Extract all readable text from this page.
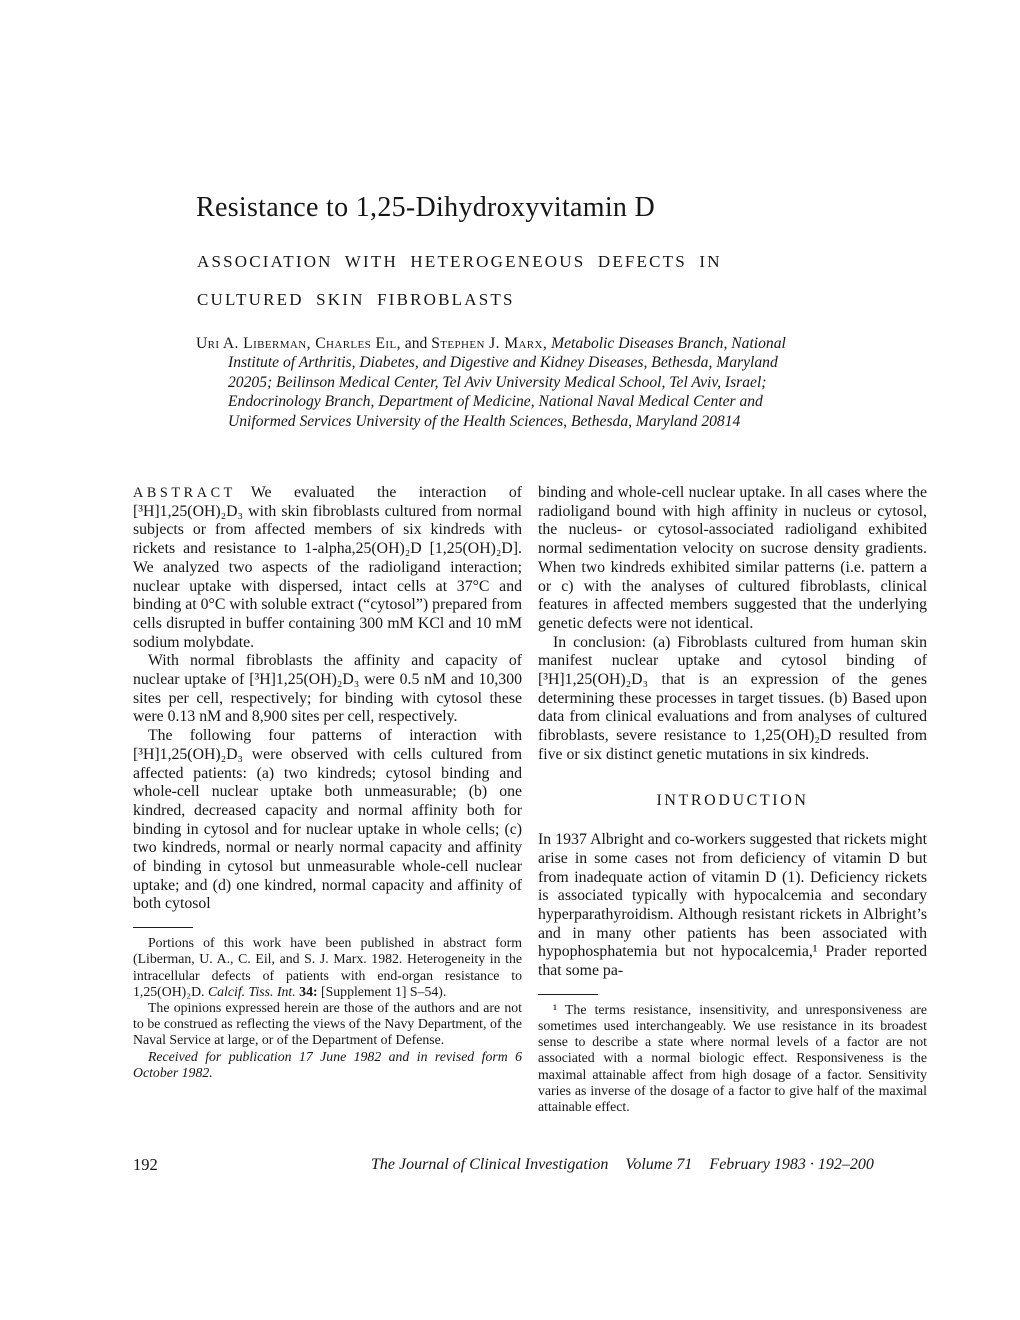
Resistance to 1,25-Dihydroxyvitamin D
ASSOCIATION WITH HETEROGENEOUS DEFECTS IN
CULTURED SKIN FIBROBLASTS

Uri A. Liberman, Charles Eil, and Stephen J. Marx, Metabolic Diseases Branch, National Institute of Arthritis, Diabetes, and Digestive and Kidney Diseases, Bethesda, Maryland 20205; Beilinson Medical Center, Tel Aviv University Medical School, Tel Aviv, Israel; Endocrinology Branch, Department of Medicine, National Naval Medical Center and Uniformed Services University of the Health Sciences, Bethesda, Maryland 20814

ABSTRACT We evaluated the interaction of [³H]1,25(OH)₂D₃ with skin fibroblasts cultured from normal subjects or from affected members of six kindreds with rickets and resistance to 1-alpha,25(OH)₂D [1,25(OH)₂D]. We analyzed two aspects of the radioligand interaction; nuclear uptake with dispersed, intact cells at 37°C and binding at 0°C with soluble extract (“cytosol”) prepared from cells disrupted in buffer containing 300 mM KCl and 10 mM sodium molybdate.

With normal fibroblasts the affinity and capacity of nuclear uptake of [³H]1,25(OH)₂D₃ were 0.5 nM and 10,300 sites per cell, respectively; for binding with cytosol these were 0.13 nM and 8,900 sites per cell, respectively.

The following four patterns of interaction with [³H]1,25(OH)₂D₃ were observed with cells cultured from affected patients: (a) two kindreds; cytosol binding and whole-cell nuclear uptake both unmeasurable; (b) one kindred, decreased capacity and normal affinity both for binding in cytosol and for nuclear uptake in whole cells; (c) two kindreds, normal or nearly normal capacity and affinity of binding in cytosol but unmeasurable whole-cell nuclear uptake; and (d) one kindred, normal capacity and affinity of both cytosol

Portions of this work have been published in abstract form (Liberman, U. A., C. Eil, and S. J. Marx. 1982. Heterogeneity in the intracellular defects of patients with end-organ resistance to 1,25(OH)₂D. Calcif. Tiss. Int. 34: [Supplement 1] S–54).

The opinions expressed herein are those of the authors and are not to be construed as reflecting the views of the Navy Department, of the Naval Service at large, or of the Department of Defense.

Received for publication 17 June 1982 and in revised form 6 October 1982.

binding and whole-cell nuclear uptake. In all cases where the radioligand bound with high affinity in nucleus or cytosol, the nucleus- or cytosol-associated radioligand exhibited normal sedimentation velocity on sucrose density gradients. When two kindreds exhibited similar patterns (i.e. pattern a or c) with the analyses of cultured fibroblasts, clinical features in affected members suggested that the underlying genetic defects were not identical.

In conclusion: (a) Fibroblasts cultured from human skin manifest nuclear uptake and cytosol binding of [³H]1,25(OH)₂D₃ that is an expression of the genes determining these processes in target tissues. (b) Based upon data from clinical evaluations and from analyses of cultured fibroblasts, severe resistance to 1,25(OH)₂D resulted from five or six distinct genetic mutations in six kindreds.

INTRODUCTION

In 1937 Albright and co-workers suggested that rickets might arise in some cases not from deficiency of vitamin D but from inadequate action of vitamin D (1). Deficiency rickets is associated typically with hypocalcemia and secondary hyperparathyroidism. Although resistant rickets in Albright’s and in many other patients has been associated with hypophosphatemia but not hypocalcemia,¹ Prader reported that some pa-

¹ The terms resistance, insensitivity, and unresponsiveness are sometimes used interchangeably. We use resistance in its broadest sense to describe a state where normal levels of a factor are not associated with a normal biologic effect. Responsiveness is the maximal attainable affect from high dosage of a factor. Sensitivity varies as inverse of the dosage of a factor to give half of the maximal attainable effect.

192	The Journal of Clinical Investigation Volume 71 February 1983 · 192–200
